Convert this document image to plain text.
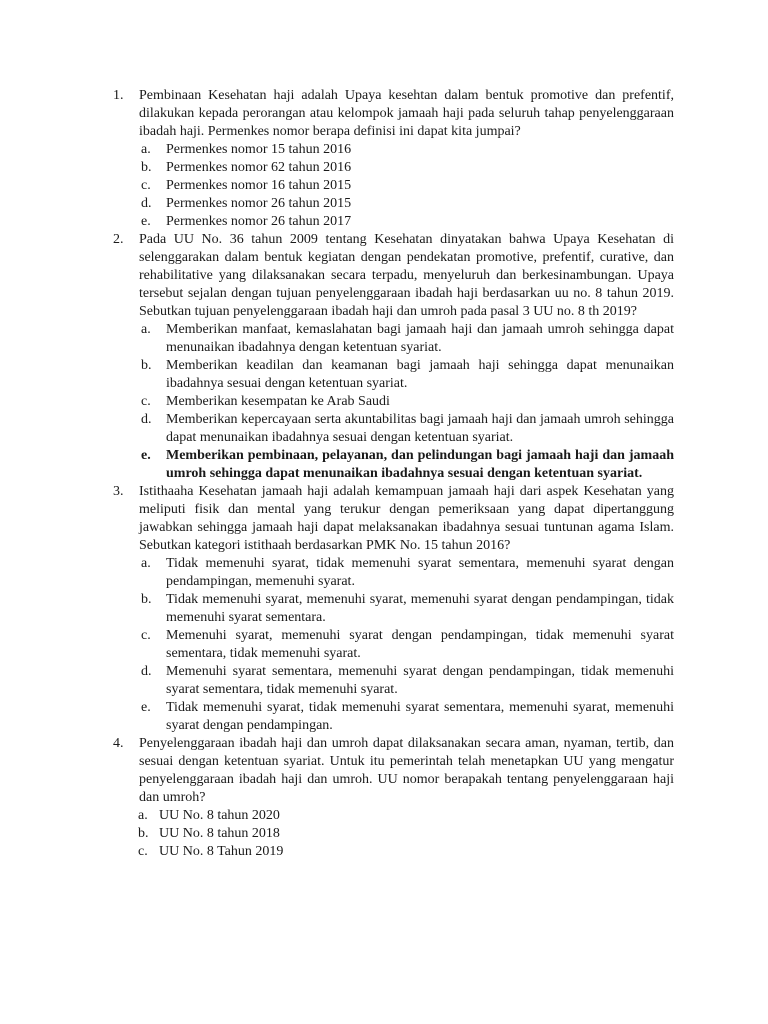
1. Pembinaan Kesehatan haji adalah Upaya kesehtan dalam bentuk promotive dan prefentif, dilakukan kepada perorangan atau kelompok jamaah haji pada seluruh tahap penyelenggaraan ibadah haji. Permenkes nomor berapa definisi ini dapat kita jumpai?
a. Permenkes nomor 15 tahun 2016
b. Permenkes nomor 62 tahun 2016
c. Permenkes nomor 16 tahun 2015
d. Permenkes nomor 26 tahun 2015
e. Permenkes nomor 26 tahun 2017
2. Pada UU No. 36 tahun 2009 tentang Kesehatan dinyatakan bahwa Upaya Kesehatan di selenggarakan dalam bentuk kegiatan dengan pendekatan promotive, prefentif, curative, dan rehabilitative yang dilaksanakan secara terpadu, menyeluruh dan berkesinambungan. Upaya tersebut sejalan dengan tujuan penyelenggaraan ibadah haji berdasarkan uu no. 8 tahun 2019. Sebutkan tujuan penyelenggaraan ibadah haji dan umroh pada pasal 3 UU no. 8 th 2019?
a. Memberikan manfaat, kemaslahatan bagi jamaah haji dan jamaah umroh sehingga dapat menunaikan ibadahnya dengan ketentuan syariat.
b. Memberikan keadilan dan keamanan bagi jamaah haji sehingga dapat menunaikan ibadahnya sesuai dengan ketentuan syariat.
c. Memberikan kesempatan ke Arab Saudi
d. Memberikan kepercayaan serta akuntabilitas bagi jamaah haji dan jamaah umroh sehingga dapat menunaikan ibadahnya sesuai dengan ketentuan syariat.
e. Memberikan pembinaan, pelayanan, dan pelindungan bagi jamaah haji dan jamaah umroh sehingga dapat menunaikan ibadahnya sesuai dengan ketentuan syariat.
3. Istithaaha Kesehatan jamaah haji adalah kemampuan jamaah haji dari aspek Kesehatan yang meliputi fisik dan mental yang terukur dengan pemeriksaan yang dapat dipertanggung jawabkan sehingga jamaah haji dapat melaksanakan ibadahnya sesuai tuntunan agama Islam. Sebutkan kategori istithaah berdasarkan PMK No. 15 tahun 2016?
a. Tidak memenuhi syarat, tidak memenuhi syarat sementara, memenuhi syarat dengan pendampingan, memenuhi syarat.
b. Tidak memenuhi syarat, memenuhi syarat, memenuhi syarat dengan pendampingan, tidak memenuhi syarat sementara.
c. Memenuhi syarat, memenuhi syarat dengan pendampingan, tidak memenuhi syarat sementara, tidak memenuhi syarat.
d. Memenuhi syarat sementara, memenuhi syarat dengan pendampingan, tidak memenuhi syarat sementara, tidak memenuhi syarat.
e. Tidak memenuhi syarat, tidak memenuhi syarat sementara, memenuhi syarat, memenuhi syarat dengan pendampingan.
4. Penyelenggaraan ibadah haji dan umroh dapat dilaksanakan secara aman, nyaman, tertib, dan sesuai dengan ketentuan syariat. Untuk itu pemerintah telah menetapkan UU yang mengatur penyelenggaraan ibadah haji dan umroh. UU nomor berapakah tentang penyelenggaraan haji dan umroh?
a. UU No. 8 tahun 2020
b. UU No. 8 tahun 2018
c. UU No. 8 Tahun 2019
